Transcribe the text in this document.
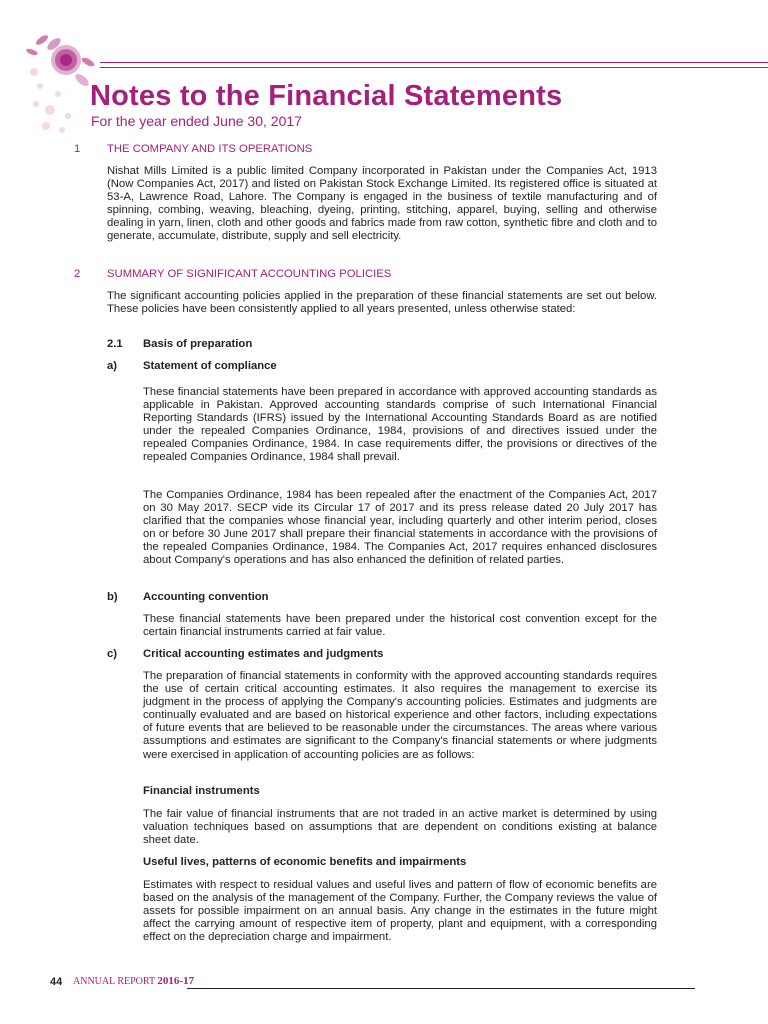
Notes to the Financial Statements
For the year ended June 30, 2017
1 THE COMPANY AND ITS OPERATIONS

Nishat Mills Limited is a public limited Company incorporated in Pakistan under the Companies Act, 1913 (Now Companies Act, 2017) and listed on Pakistan Stock Exchange Limited. Its registered office is situated at 53-A, Lawrence Road, Lahore. The Company is engaged in the business of textile manufacturing and of spinning, combing, weaving, bleaching, dyeing, printing, stitching, apparel, buying, selling and otherwise dealing in yarn, linen, cloth and other goods and fabrics made from raw cotton, synthetic fibre and cloth and to generate, accumulate, distribute, supply and sell electricity.

2 SUMMARY OF SIGNIFICANT ACCOUNTING POLICIES

The significant accounting policies applied in the preparation of these financial statements are set out below. These policies have been consistently applied to all years presented, unless otherwise stated:

2.1 Basis of preparation
a) Statement of compliance

These financial statements have been prepared in accordance with approved accounting standards as applicable in Pakistan. Approved accounting standards comprise of such International Financial Reporting Standards (IFRS) issued by the International Accounting Standards Board as are notified under the repealed Companies Ordinance, 1984, provisions of and directives issued under the repealed Companies Ordinance, 1984. In case requirements differ, the provisions or directives of the repealed Companies Ordinance, 1984 shall prevail.

The Companies Ordinance, 1984 has been repealed after the enactment of the Companies Act, 2017 on 30 May 2017. SECP vide its Circular 17 of 2017 and its press release dated 20 July 2017 has clarified that the companies whose financial year, including quarterly and other interim period, closes on or before 30 June 2017 shall prepare their financial statements in accordance with the provisions of the repealed Companies Ordinance, 1984. The Companies Act, 2017 requires enhanced disclosures about Company's operations and has also enhanced the definition of related parties.

b) Accounting convention

These financial statements have been prepared under the historical cost convention except for the certain financial instruments carried at fair value.

c) Critical accounting estimates and judgments

The preparation of financial statements in conformity with the approved accounting standards requires the use of certain critical accounting estimates. It also requires the management to exercise its judgment in the process of applying the Company's accounting policies. Estimates and judgments are continually evaluated and are based on historical experience and other factors, including expectations of future events that are believed to be reasonable under the circumstances. The areas where various assumptions and estimates are significant to the Company's financial statements or where judgments were exercised in application of accounting policies are as follows:

Financial instruments

The fair value of financial instruments that are not traded in an active market is determined by using valuation techniques based on assumptions that are dependent on conditions existing at balance sheet date.

Useful lives, patterns of economic benefits and impairments

Estimates with respect to residual values and useful lives and pattern of flow of economic benefits are based on the analysis of the management of the Company. Further, the Company reviews the value of assets for possible impairment on an annual basis. Any change in the estimates in the future might affect the carrying amount of respective item of property, plant and equipment, with a corresponding effect on the depreciation charge and impairment.

44 ANNUAL REPORT 2016-17
